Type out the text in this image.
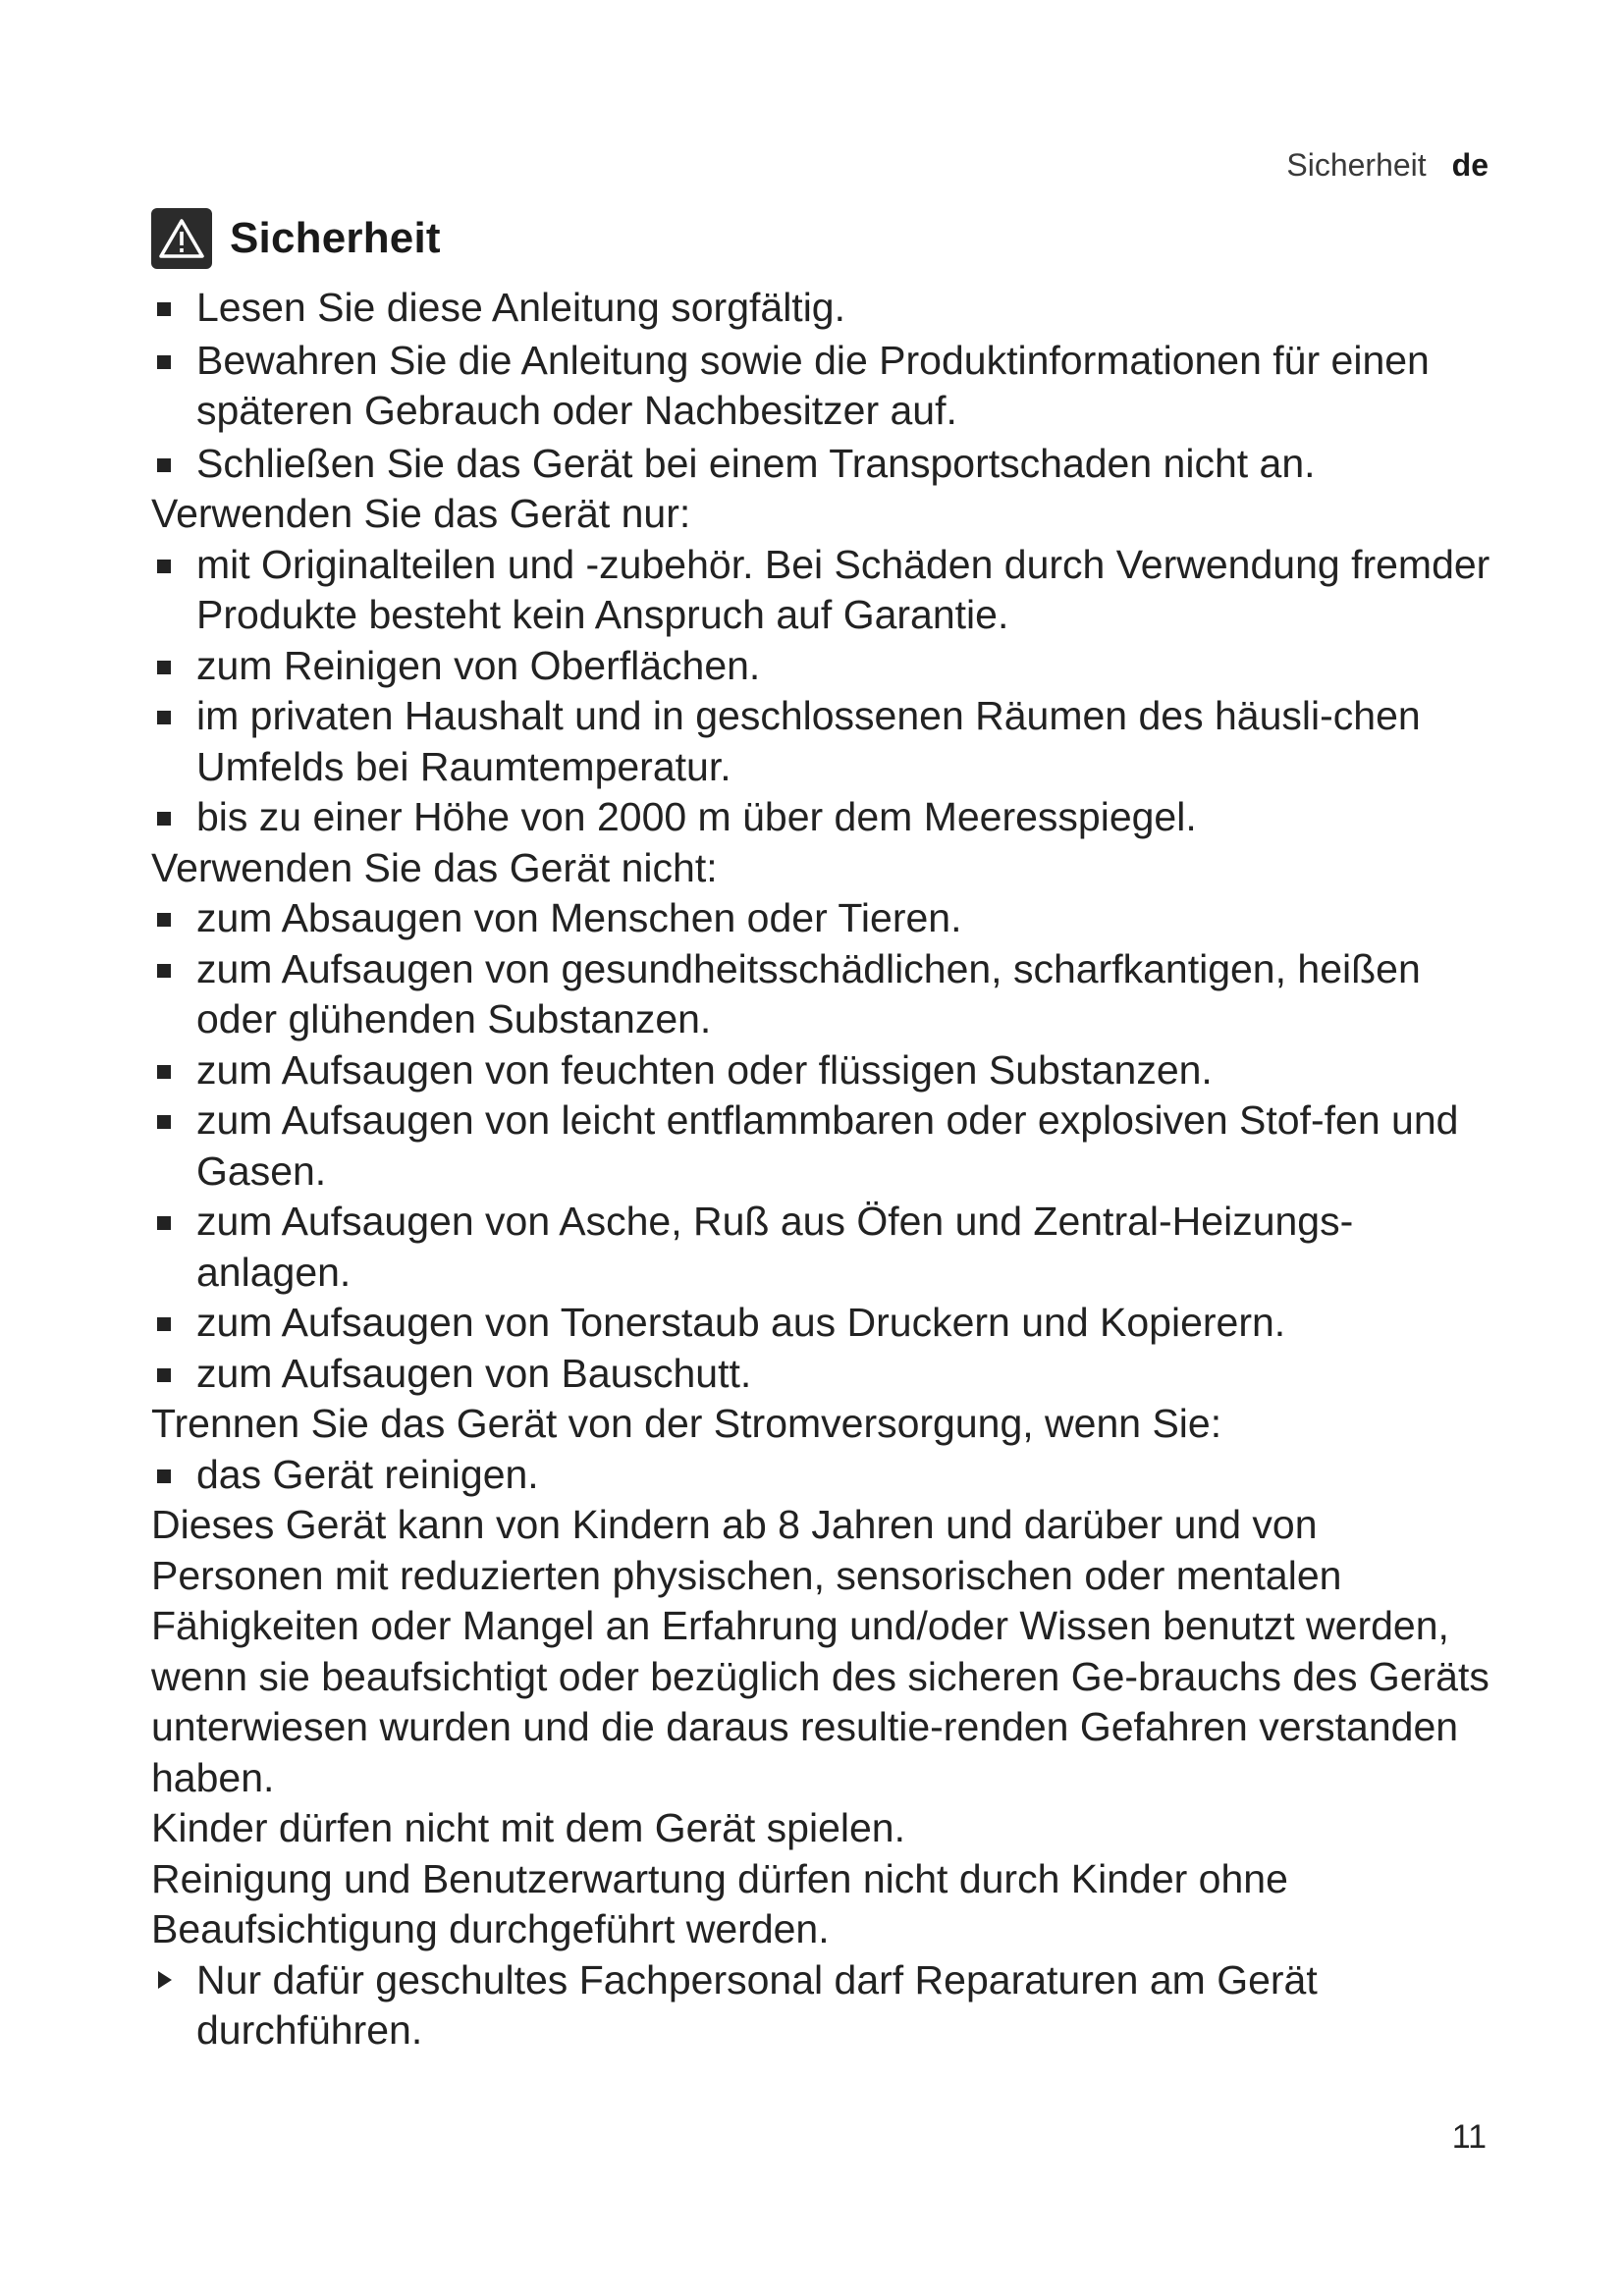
Sicherheit de
Sicherheit

Lesen Sie diese Anleitung sorgfältig.

Bewahren Sie die Anleitung sowie die Produktinformationen für einen späteren Gebrauch oder Nachbesitzer auf.

Schließen Sie das Gerät bei einem Transportschaden nicht an.

Verwenden Sie das Gerät nur:

mit Originalteilen und -zubehör. Bei Schäden durch Verwendung fremder Produkte besteht kein Anspruch auf Garantie.

zum Reinigen von Oberflächen.

im privaten Haushalt und in geschlossenen Räumen des häusli-chen Umfelds bei Raumtemperatur.

bis zu einer Höhe von 2000 m über dem Meeresspiegel.

Verwenden Sie das Gerät nicht:

zum Absaugen von Menschen oder Tieren.

zum Aufsaugen von gesundheitsschädlichen, scharfkantigen, heißen oder glühenden Substanzen.

zum Aufsaugen von feuchten oder flüssigen Substanzen.

zum Aufsaugen von leicht entflammbaren oder explosiven Stof-fen und Gasen.

zum Aufsaugen von Asche, Ruß aus Öfen und Zentral-Heizungs-anlagen.

zum Aufsaugen von Tonerstaub aus Druckern und Kopierern.

zum Aufsaugen von Bauschutt.

Trennen Sie das Gerät von der Stromversorgung, wenn Sie:

das Gerät reinigen.

Dieses Gerät kann von Kindern ab 8 Jahren und darüber und von Personen mit reduzierten physischen, sensorischen oder mentalen Fähigkeiten oder Mangel an Erfahrung und/oder Wissen benutzt werden, wenn sie beaufsichtigt oder bezüglich des sicheren Ge-brauchs des Geräts unterwiesen wurden und die daraus resultie-renden Gefahren verstanden haben.

Kinder dürfen nicht mit dem Gerät spielen.

Reinigung und Benutzerwartung dürfen nicht durch Kinder ohne Beaufsichtigung durchgeführt werden.

Nur dafür geschultes Fachpersonal darf Reparaturen am Gerät durchführen.

11
